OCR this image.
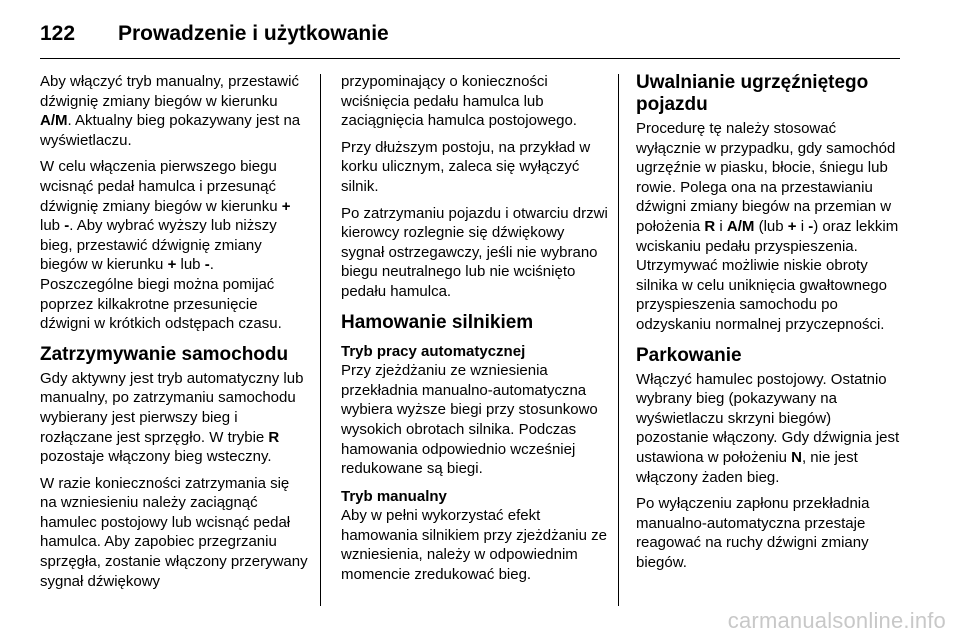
122	Prowadzenie i użytkowanie

Aby włączyć tryb manualny, przestawić dźwignię zmiany biegów w kierunku A/M. Aktualny bieg pokazywany jest na wyświetlaczu.

W celu włączenia pierwszego biegu wcisnąć pedał hamulca i przesunąć dźwignię zmiany biegów w kierunku + lub -. Aby wybrać wyższy lub niższy bieg, przestawić dźwignię zmiany biegów w kierunku + lub -. Poszczególne biegi można pomijać poprzez kilkakrotne przesunięcie dźwigni w krótkich odstępach czasu.

Zatrzymywanie samochodu

Gdy aktywny jest tryb automatyczny lub manualny, po zatrzymaniu samochodu wybierany jest pierwszy bieg i rozłączane jest sprzęgło. W trybie R pozostaje włączony bieg wsteczny.

W razie konieczności zatrzymania się na wzniesieniu należy zaciągnąć hamulec postojowy lub wcisnąć pedał hamulca. Aby zapobiec przegrzaniu sprzęgła, zostanie włączony przerywany sygnał dźwiękowy

przypominający o konieczności wciśnięcia pedału hamulca lub zaciągnięcia hamulca postojowego.

Przy dłuższym postoju, na przykład w korku ulicznym, zaleca się wyłączyć silnik.

Po zatrzymaniu pojazdu i otwarciu drzwi kierowcy rozlegnie się dźwiękowy sygnał ostrzegawczy, jeśli nie wybrano biegu neutralnego lub nie wciśnięto pedału hamulca.

Hamowanie silnikiem
Tryb pracy automatycznej

Przy zjeżdżaniu ze wzniesienia przekładnia manualno-automatyczna wybiera wyższe biegi przy stosunkowo wysokich obrotach silnika. Podczas hamowania odpowiednio wcześniej redukowane są biegi.

Tryb manualny

Aby w pełni wykorzystać efekt hamowania silnikiem przy zjeżdżaniu ze wzniesienia, należy w odpowiednim momencie zredukować bieg.

Uwalnianie ugrzęźniętego pojazdu

Procedurę tę należy stosować wyłącznie w przypadku, gdy samochód ugrzęźnie w piasku, błocie, śniegu lub rowie. Polega ona na przestawianiu dźwigni zmiany biegów na przemian w położenia R i A/M (lub + i -) oraz lekkim wciskaniu pedału przyspieszenia. Utrzymywać możliwie niskie obroty silnika w celu uniknięcia gwałtownego przyspieszenia samochodu po odzyskaniu normalnej przyczepności.

Parkowanie

Włączyć hamulec postojowy. Ostatnio wybrany bieg (pokazywany na wyświetlaczu skrzyni biegów) pozostanie włączony. Gdy dźwignia jest ustawiona w położeniu N, nie jest włączony żaden bieg.

Po wyłączeniu zapłonu przekładnia manualno-automatyczna przestaje reagować na ruchy dźwigni zmiany biegów.

carmanualsonline.info
